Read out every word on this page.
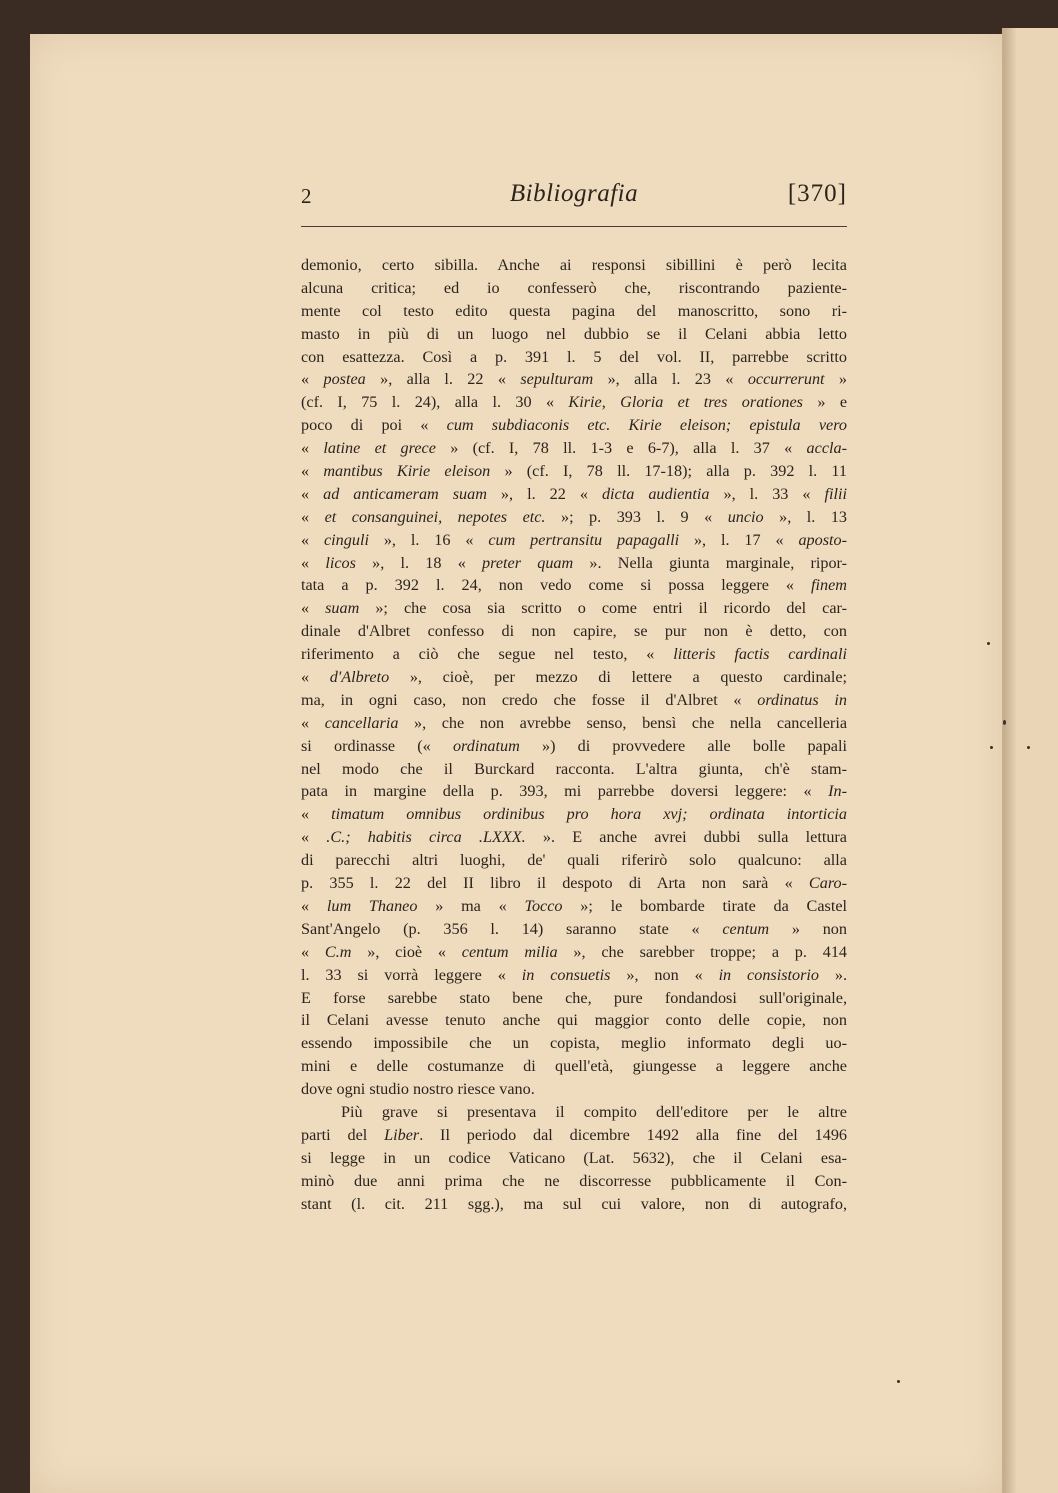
2	Bibliografia	[370]
demonio, certo sibilla. Anche ai responsi sibillini è però lecita
alcuna critica; ed io confesserò che, riscontrando paziente-
mente col testo edito questa pagina del manoscritto, sono ri-
masto in più di un luogo nel dubbio se il Celani abbia letto
con esattezza. Così a p. 391 l. 5 del vol. II, parrebbe scritto
« postea », alla l. 22 « sepulturam », alla l. 23 « occurrerunt »
(cf. I, 75 l. 24), alla l. 30 « Kirie, Gloria et tres orationes » e
poco di poi « cum subdiaconis etc. Kirie eleison; epistula vero
« latine et grece » (cf. I, 78 ll. 1-3 e 6-7), alla l. 37 « accla-
« mantibus Kirie eleison » (cf. I, 78 ll. 17-18); alla p. 392 l. 11
« ad anticameram suam », l. 22 « dicta audientia », l. 33 « filii
« et consanguinei, nepotes etc. »; p. 393 l. 9 « uncio », l. 13
« cinguli », l. 16 « cum pertransitu papagalli », l. 17 « aposto-
« licos », l. 18 « preter quam ». Nella giunta marginale, ripor-
tata a p. 392 l. 24, non vedo come si possa leggere « finem
« suam »; che cosa sia scritto o come entri il ricordo del car-
dinale d'Albret confesso di non capire, se pur non è detto, con
riferimento a ciò che segue nel testo, « litteris factis cardinali
« d'Albreto », cioè, per mezzo di lettere a questo cardinale;
ma, in ogni caso, non credo che fosse il d'Albret « ordinatus in
« cancellaria », che non avrebbe senso, bensì che nella cancelleria
si ordinasse (« ordinatum ») di provvedere alle bolle papali
nel modo che il Burckard racconta. L'altra giunta, ch'è stam-
pata in margine della p. 393, mi parrebbe doversi leggere: « In-
« timatum omnibus ordinibus pro hora xvj; ordinata intorticia
« .C.; habitis circa .LXXX. ». E anche avrei dubbi sulla lettura
di parecchi altri luoghi, de' quali riferirò solo qualcuno: alla
p. 355 l. 22 del II libro il despoto di Arta non sarà « Caro-
« lum Thaneo » ma « Tocco »; le bombarde tirate da Castel
Sant'Angelo (p. 356 l. 14) saranno state « centum » non
« C.m », cioè « centum milia », che sarebber troppe; a p. 414
l. 33 si vorrà leggere « in consuetis », non « in consistorio ».
E forse sarebbe stato bene che, pure fondandosi sull'originale,
il Celani avesse tenuto anche qui maggior conto delle copie, non
essendo impossibile che un copista, meglio informato degli uo-
mini e delle costumanze di quell'età, giungesse a leggere anche
dove ogni studio nostro riesce vano.
Più grave si presentava il compito dell'editore per le altre
parti del Liber. Il periodo dal dicembre 1492 alla fine del 1496
si legge in un codice Vaticano (Lat. 5632), che il Celani esa-
minò due anni prima che ne discorresse pubblicamente il Con-
stant (l. cit. 211 sgg.), ma sul cui valore, non di autografo,
